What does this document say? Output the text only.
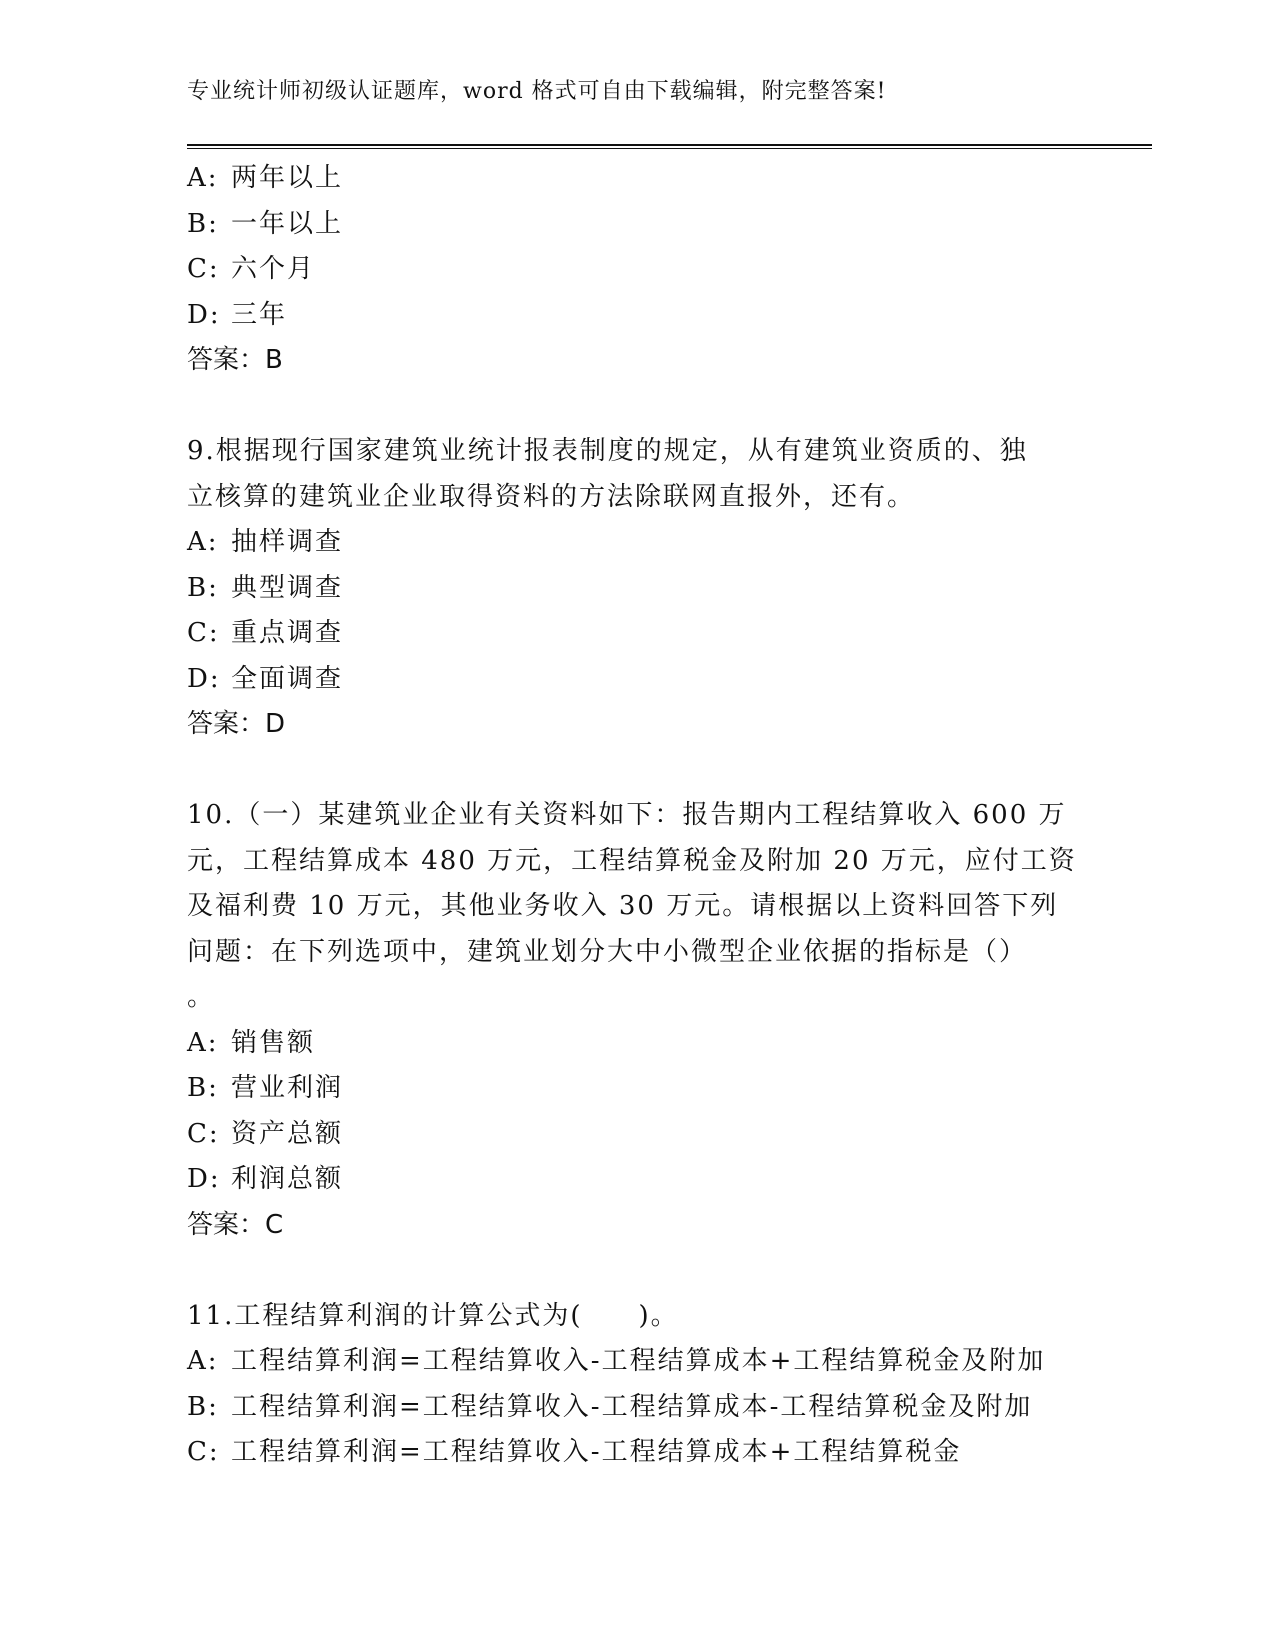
专业统计师初级认证题库，word 格式可自由下载编辑，附完整答案!
A: 两年以上
B: 一年以上
C: 六个月
D: 三年
答案：B
9.根据现行国家建筑业统计报表制度的规定，从有建筑业资质的、独
立核算的建筑业企业取得资料的方法除联网直报外，还有。
A: 抽样调查
B: 典型调查
C: 重点调查
D: 全面调查
答案：D
10.（一）某建筑业企业有关资料如下：报告期内工程结算收入 600 万
元，工程结算成本 480 万元，工程结算税金及附加 20 万元，应付工资
及福利费 10 万元，其他业务收入 30 万元。请根据以上资料回答下列
问题：在下列选项中，建筑业划分大中小微型企业依据的指标是（）
。
A: 销售额
B: 营业利润
C: 资产总额
D: 利润总额
答案：C
11.工程结算利润的计算公式为(　　)。
A: 工程结算利润=工程结算收入-工程结算成本+工程结算税金及附加
B: 工程结算利润=工程结算收入-工程结算成本-工程结算税金及附加
C: 工程结算利润=工程结算收入-工程结算成本+工程结算税金
